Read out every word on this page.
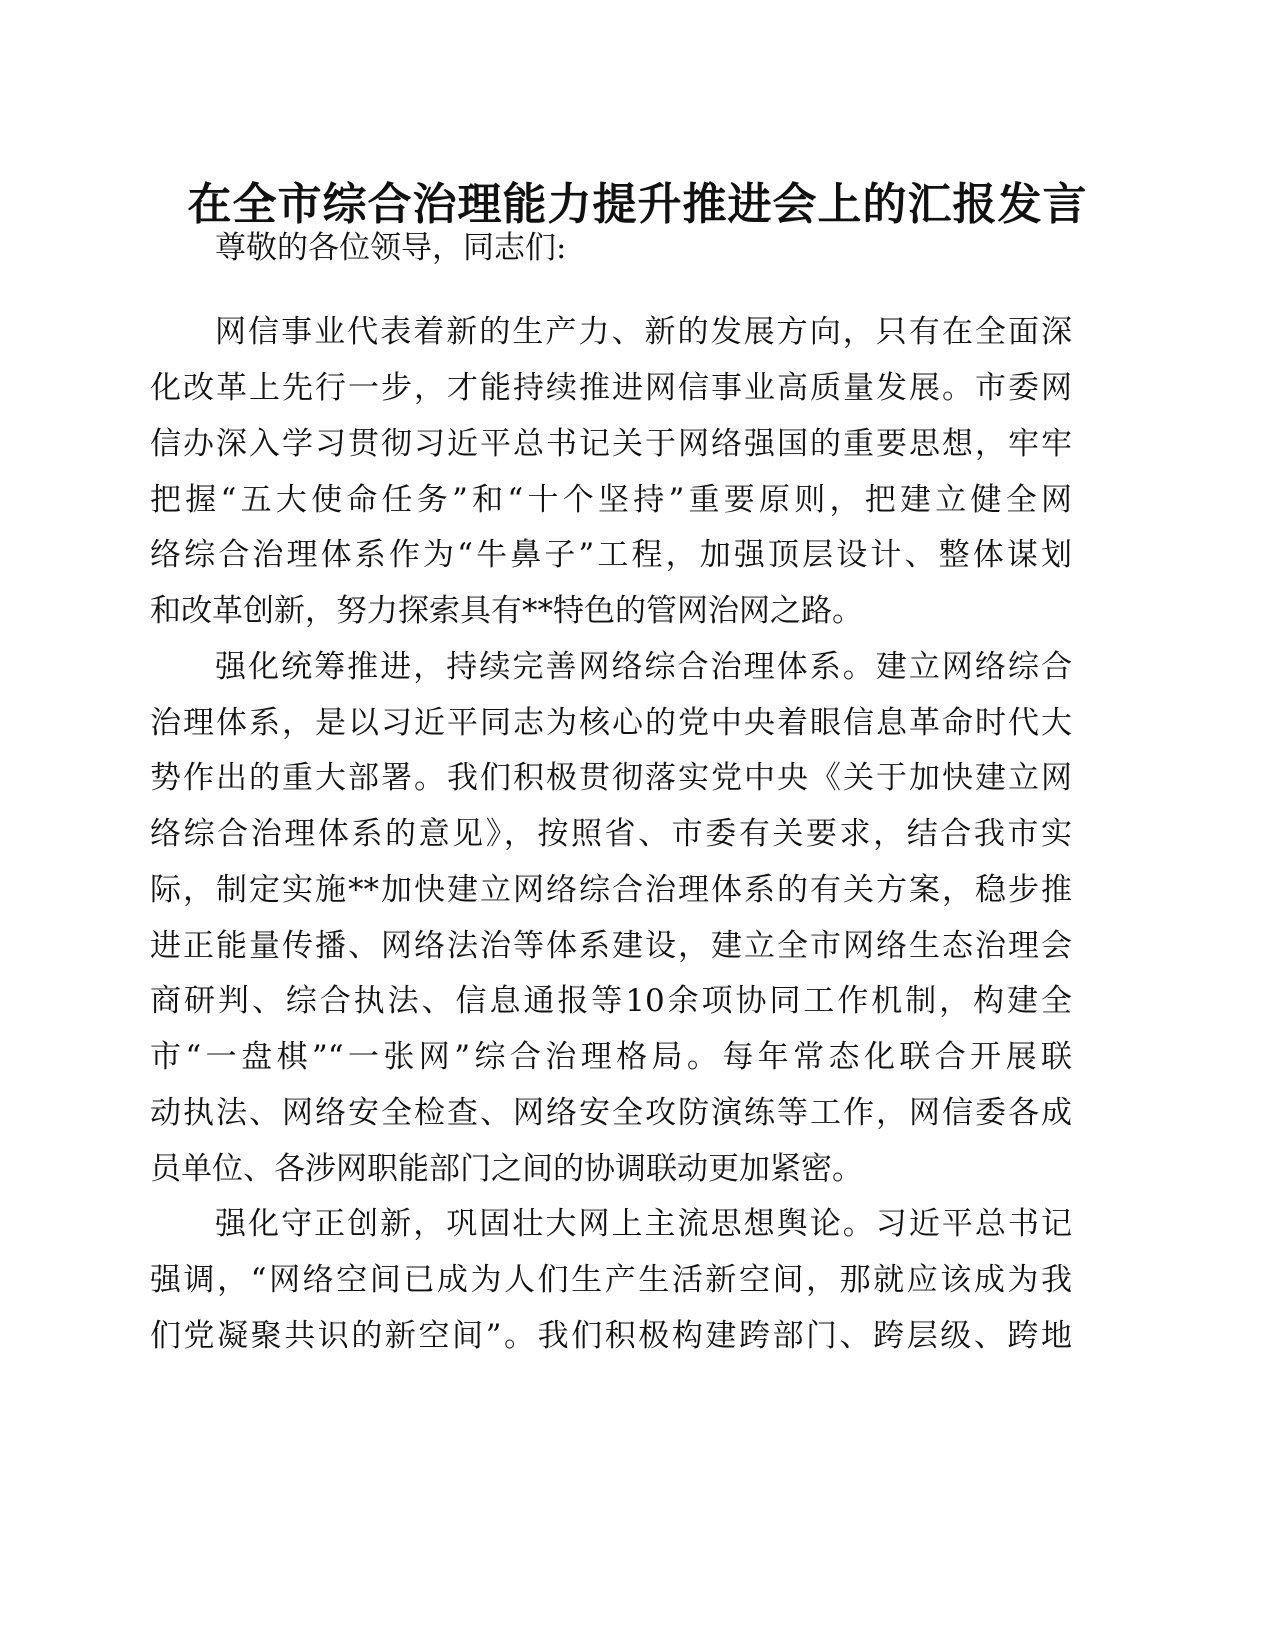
在全市综合治理能力提升推进会上的汇报发言

尊敬的各位领导，同志们:

网信事业代表着新的生产力、新的发展方向，只有在全面深

化改革上先行一步，才能持续推进网信事业高质量发展。市委网

信办深入学习贯彻习近平总书记关于网络强国的重要思想，牢牢

把握“五大使命任务”和“十个坚持”重要原则，把建立健全网

络综合治理体系作为“牛鼻子”工程，加强顶层设计、整体谋划

和改革创新，努力探索具有**特色的管网治网之路。

强化统筹推进，持续完善网络综合治理体系。建立网络综合

治理体系，是以习近平同志为核心的党中央着眼信息革命时代大

势作出的重大部署。我们积极贯彻落实党中央《关于加快建立网

络综合治理体系的意见》，按照省、市委有关要求，结合我市实

际，制定实施**加快建立网络综合治理体系的有关方案，稳步推

进正能量传播、网络法治等体系建设，建立全市网络生态治理会

商研判、综合执法、信息通报等10余项协同工作机制，构建全

市“一盘棋”“一张网”综合治理格局。每年常态化联合开展联

动执法、网络安全检查、网络安全攻防演练等工作，网信委各成

员单位、各涉网职能部门之间的协调联动更加紧密。

强化守正创新，巩固壮大网上主流思想舆论。习近平总书记

强调，“网络空间已成为人们生产生活新空间，那就应该成为我

们党凝聚共识的新空间”。我们积极构建跨部门、跨层级、跨地
